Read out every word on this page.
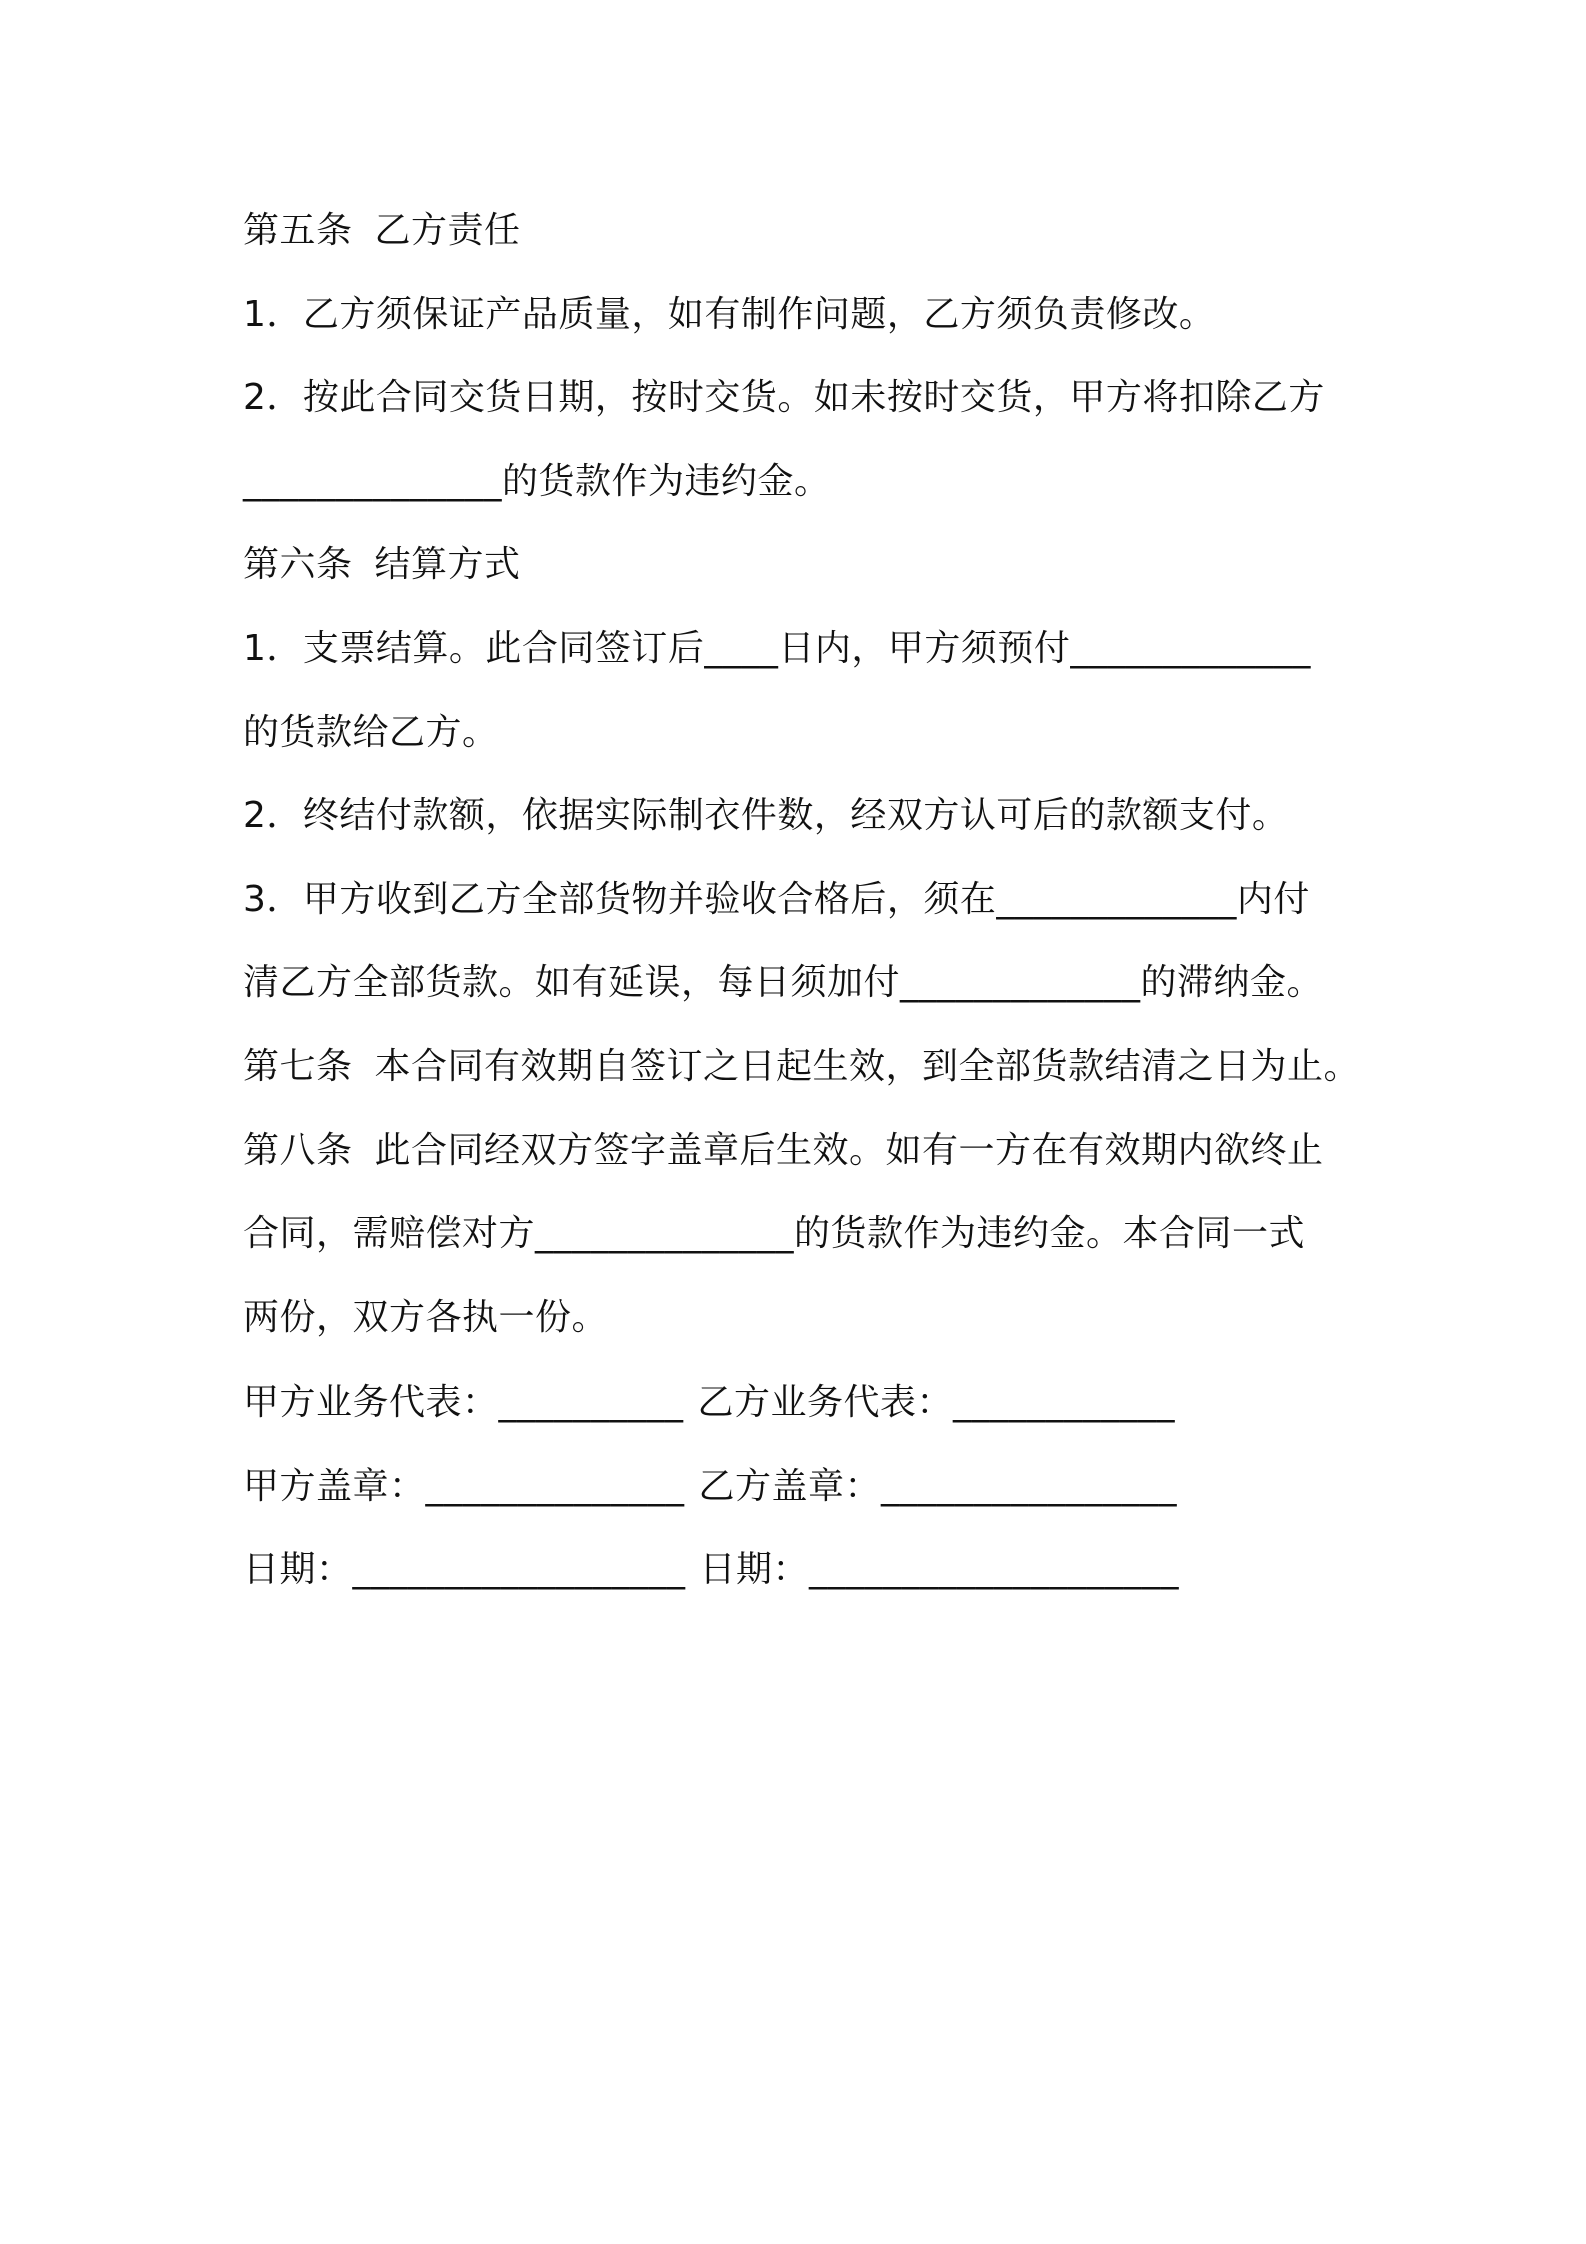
第五条 乙方责任
1．乙方须保证产品质量，如有制作问题，乙方须负责修改。
2．按此合同交货日期，按时交货。如未按时交货，甲方将扣除乙方
______________的货款作为违约金。
第六条 结算方式
1．支票结算。此合同签订后____日内，甲方须预付_____________
的货款给乙方。
2．终结付款额，依据实际制衣件数，经双方认可后的款额支付。
3．甲方收到乙方全部货物并验收合格后，须在_____________内付
清乙方全部货款。如有延误，每日须加付_____________的滞纳金。
第七条 本合同有效期自签订之日起生效，到全部货款结清之日为止。
第八条 此合同经双方签字盖章后生效。如有一方在有效期内欲终止
合同，需赔偿对方______________的货款作为违约金。本合同一式
两份，双方各执一份。
甲方业务代表：__________ 乙方业务代表：____________
甲方盖章：______________ 乙方盖章：________________
日期：__________________ 日期：____________________
